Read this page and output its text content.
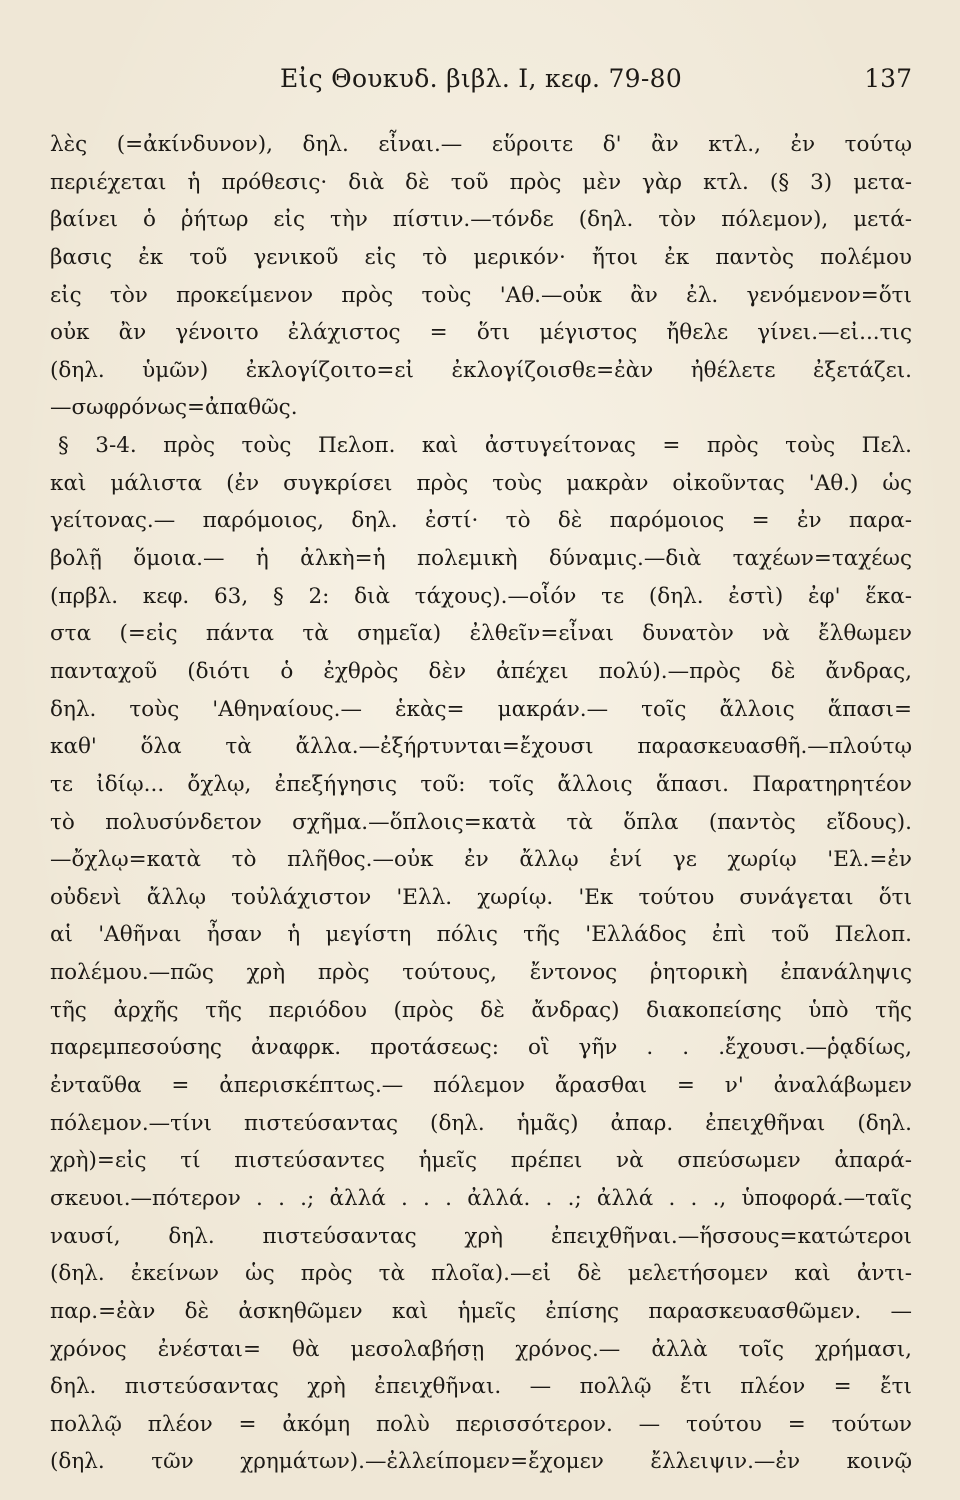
Εἰς Θουκυδ. βιβλ. Ι, κεφ. 79-80	137
λὲς (=ἀκίνδυνον), δηλ. εἶναι.— εὕροιτε δ' ἂν κτλ., ἐν τούτῳ
περιέχεται ἡ πρόθεσις· διὰ δὲ τοῦ πρὸς μὲν γὰρ κτλ. (§ 3) μετα-
βαίνει ὁ ῥήτωρ εἰς τὴν πίστιν.—τόνδε (δηλ. τὸν πόλεμον), μετά-
βασις ἐκ τοῦ γενικοῦ εἰς τὸ μερικόν· ἤτοι ἐκ παντὸς πολέμου
εἰς τὸν προκείμενον πρὸς τοὺς 'Αθ.—οὐκ ἂν ἐλ. γενόμενον=ὅτι
οὐκ ἂν γένοιτο ἐλάχιστος = ὅτι μέγιστος ἤθελε γίνει.—εἰ...τις
(δηλ. ὑμῶν) ἐκλογίζοιτο=εἰ ἐκλογίζοισθε=ἐὰν ἠθέλετε ἐξετάζει.
—σωφρόνως=ἀπαθῶς.
§ 3-4. πρὸς τοὺς Πελοπ. καὶ ἀστυγείτονας = πρὸς τοὺς Πελ.
καὶ μάλιστα (ἐν συγκρίσει πρὸς τοὺς μακρὰν οἰκοῦντας 'Αθ.) ὡς
γείτονας.— παρόμοιος, δηλ. ἐστί· τὸ δὲ παρόμοιος = ἐν παρα-
βολῇ ὅμοια.— ἡ ἀλκὴ=ἡ πολεμικὴ δύναμις.—διὰ ταχέων=ταχέως
(πρβλ. κεφ. 63, § 2: διὰ τάχους).—οἷόν τε (δηλ. ἐστὶ) ἐφ' ἕκα-
στα (=εἰς πάντα τὰ σημεῖα) ἐλθεῖν=εἶναι δυνατὸν νὰ ἔλθωμεν
πανταχοῦ (διότι ὁ ἐχθρὸς δὲν ἀπέχει πολύ).—πρὸς δὲ ἄνδρας,
δηλ. τοὺς 'Αθηναίους.— ἑκὰς= μακράν.— τοῖς ἄλλοις ἅπασι=
καθ' ὅλα τὰ ἄλλα.—ἐξήρτυνται=ἔχουσι παρασκευασθῆ.—πλούτῳ
τε ἰδίῳ... ὄχλῳ, ἐπεξήγησις τοῦ: τοῖς ἄλλοις ἅπασι. Παρατηρητέον
τὸ πολυσύνδετον σχῆμα.—ὅπλοις=κατὰ τὰ ὅπλα (παντὸς εἴδους).
—ὄχλῳ=κατὰ τὸ πλῆθος.—οὐκ ἐν ἄλλῳ ἑνί γε χωρίῳ 'Ελ.=ἐν
οὐδενὶ ἄλλῳ τοὐλάχιστον 'Ελλ. χωρίῳ. 'Εκ τούτου συνάγεται ὅτι
αἱ 'Αθῆναι ἦσαν ἡ μεγίστη πόλις τῆς 'Ελλάδος ἐπὶ τοῦ Πελοπ.
πολέμου.—πῶς χρὴ πρὸς τούτους, ἔντονος ῥητορικὴ ἐπανάληψις
τῆς ἀρχῆς τῆς περιόδου (πρὸς δὲ ἄνδρας) διακοπείσης ὑπὸ τῆς
παρεμπεσούσης ἀναφρκ. προτάσεως: οἳ γῆν . . .ἔχουσι.—ῥᾳδίως,
ἐνταῦθα = ἀπερισκέπτως.— πόλεμον ἄρασθαι = ν' ἀναλάβωμεν
πόλεμον.—τίνι πιστεύσαντας (δηλ. ἡμᾶς) ἀπαρ. ἐπειχθῆναι (δηλ.
χρὴ)=εἰς τί πιστεύσαντες ἡμεῖς πρέπει νὰ σπεύσωμεν ἀπαρά-
σκευοι.—πότερον . . .; ἀλλά . . . ἀλλά. . .; ἀλλά . . ., ὑποφορά.—ταῖς
ναυσί, δηλ. πιστεύσαντας χρὴ ἐπειχθῆναι.—ἥσσους=κατώτεροι
(δηλ. ἐκείνων ὡς πρὸς τὰ πλοῖα).—εἰ δὲ μελετήσομεν καὶ ἀντι-
παρ.=ἐὰν δὲ ἀσκηθῶμεν καὶ ἡμεῖς ἐπίσης παρασκευασθῶμεν. —
χρόνος ἐνέσται= θὰ μεσολαβήσῃ χρόνος.— ἀλλὰ τοῖς χρήμασι,
δηλ. πιστεύσαντας χρὴ ἐπειχθῆναι. — πολλῷ ἔτι πλέον = ἔτι
πολλῷ πλέον = ἀκόμη πολὺ περισσότερον. — τούτου = τούτων
(δηλ. τῶν χρημάτων).—ἐλλείπομεν=ἔχομεν ἔλλειψιν.—ἐν κοινῷ
